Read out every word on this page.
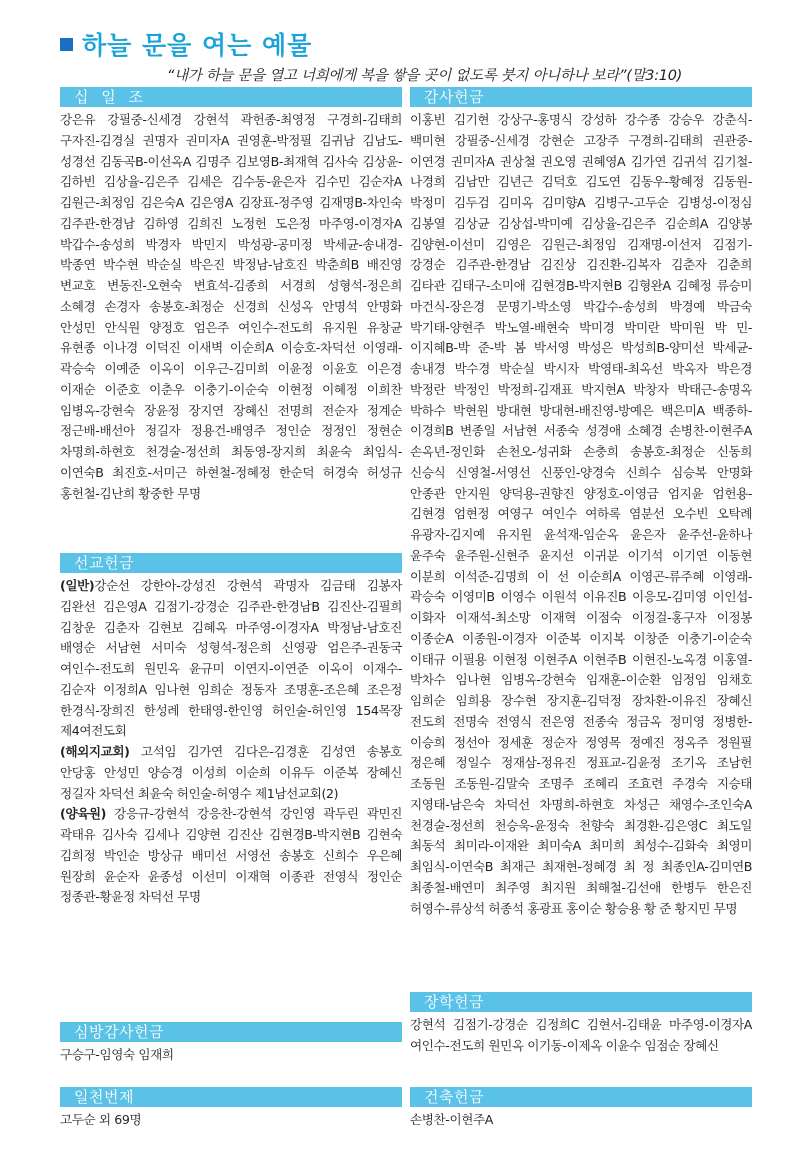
하늘 문을 여는 예물
“내가 하늘 문을 열고 너희에게 복을 쌓을 곳이 없도록 붓지 아니하나 보라”(말3:10)
십 일 조
강은유 강필중-신세경 강현석 곽헌종-최영정 구경희-김태희 구자진-김경실 권명자 권미자A 권영훈-박정필 김귀남 김남도-성경선 김동곡B-이선옥A 김명주 김보영B-최재혁 김사숙 김상윤-김하빈 김상율-김은주 김세은 김수동-윤은자 김수민 김순자A 김원근-최정임 김은숙A 김은영A 김장표-정주영 김재명B-차인숙 김주관-한경남 김하영 김희진 노정헌 도은정 마주영-이경자A 박갑수-송성희 박경자 박민지 박성광-공미정 박세균-송내경-박종연 박수현 박순실 박은진 박정남-남호진 박춘희B 배진영 변교호 변동진-오현숙 변효석-김종희 서경희 성형석-정은희 소혜경 손경자 송봉호-최정순 신경희 신성옥 안명석 안명화 안성민 안식원 양정호 엄은주 여인수-전도희 유지원 유창균 유현종 이나경 이덕진 이새벽 이순희A 이승호-차덕선 이영래-곽승숙 이예준 이옥이 이우근-김미희 이윤정 이윤호 이은경 이재순 이준호 이춘우 이충기-이순숙 이현정 이혜정 이희찬 임병옥-강현숙 장윤정 장지연 장혜신 전명희 전순자 정계순 정근배-배선아 정길자 정용건-배영주 정인순 정정인 정현순 차명희-하현호 천경술-정선희 최동영-장지희 최윤숙 최임식-이연숙B 최진호-서미근 하현철-정혜정 한순덕 허경숙 허성규 홍헌철-김난희 황중한 무명
선교헌금

(일반)강순선 강한아-강성진 강현석 곽명자 김금태 김봉자 김완선 김은영A 김점기-강경순 김주관-한경남B 김진산-김필희 김창운 김춘자 김현보 김혜옥 마주영-이경자A 박정남-남호진 배영순 서남현 서미숙 성형석-정은희 신영광 엄은주-권동국 여인수-전도희 원민옥 윤규미 이연지-이연준 이옥이 이재수-김순자 이정희A 임나현 임희순 정동자 조명훈-조은혜 조은정 한경식-장희진 한성례 한태영-한인영 허인술-허인영 154목장 제4여전도회

(해외지교회) 고석임 김가연 김다은-김경훈 김성연 송봉호 안당홍 안성민 양승경 이성희 이순희 이유두 이준복 장혜신 정길자 차덕선 최윤숙 허인술-허영수 제1남선교회(2)

(양육원) 강응규-강현석 강응찬-강현석 강인영 곽두린 곽민진 곽태유 김사숙 김세나 김양현 김진산 김현경B-박지현B 김현숙 김희정 박인순 방상규 배미선 서영선 송봉호 신희수 우은혜 원장희 윤순자 윤종성 이선미 이재혁 이종관 전영식 정인순 정종관-황윤정 차덕선 무명

심방감사헌금
구승구-임영숙 임재희
일천번제
고두순 외 69명
감사헌금
이홍빈 김기현 강상구-홍명식 강성하 강수종 강승우 강춘식-백미현 강필중-신세경 강현순 고장주 구경희-김태희 권관중-이연경 권미자A 권상철 권오영 권혜영A 김가연 김귀석 김기철-나경희 김남만 김년근 김덕호 김도연 김동우-황혜정 김동원-박정미 김두검 김미옥 김미향A 김병구-고두순 김병성-이정심 김봉열 김상균 김상섭-박미예 김상율-김은주 김순희A 김양봉 김양현-이선미 김영은 김원근-최정임 김재명-이선저 김점기-강경순 김주관-한경남 김진상 김진환-김복자 김춘자 김춘희 김타관 김태구-소미애 김현경B-박지현B 김형완A 김혜정 류승미 마건식-장은경 문명기-박소영 박갑수-송성희 박경예 박금숙 박기태-양현주 박노열-배현숙 박미경 박미란 박미원 박 민-이지혜B-박 준-박 봄 박서영 박성은 박성희B-양미선 박세균-송내경 박수경 박순실 박시자 박영태-최옥선 박옥자 박은경 박정란 박정인 박정희-김재표 박지현A 박창자 박태근-송명옥 박하수 박현원 방대현 방대현-배진영-방예은 백은미A 백종하-이경희B 변종일 서남현 서종숙 성경애 소혜경 손병찬-이현주A 손옥년-정인화 손천오-성귀화 손충희 송봉호-최정순 신동희 신승식 신영철-서영선 신풍인-양경숙 신희수 심승복 안명화 안종관 안지원 양덕용-권향진 양정호-이영금 엄지윤 엄헌용-김현경 엄현정 여영구 여인수 여하록 염분선 오수빈 오탁례 유광자-김지예 유지원 윤석재-임순옥 윤은자 윤주선-윤하나 윤주숙 윤주원-신현주 윤지선 이귀분 이기석 이기연 이동현 이분희 이석준-김명희 이 선 이순희A 이영곤-류주혜 이영래-곽승숙 이영미B 이영수 이원석 이유진B 이응모-김미영 이인섭-이화자 이재석-최소망 이재혁 이점숙 이정걸-홍구자 이정봉 이종순A 이종원-이경자 이준복 이지복 이창준 이충기-이순숙 이태규 이필용 이현정 이현주A 이현주B 이현진-노옥경 이홍열-박차수 임나현 임병옥-강현숙 임재훈-이순환 임정임 임채호 임희순 임희용 장수현 장지훈-김덕정 장차환-이유진 장혜신 전도희 전명숙 전영식 전은영 전종숙 정금옥 정미영 정병한-이승희 정선아 정세훈 정순자 정영목 정예진 정옥주 정원필 정은혜 정일수 정재삼-정유진 정표교-김윤정 조기옥 조남헌 조동원 조동원-김말숙 조명주 조혜리 조효련 주경숙 지승태 지영태-남은숙 차덕선 차명희-하현호 차성근 채영수-조인숙A 천경술-정선희 천승욱-윤정숙 천향숙 최경환-김은영C 최도일 최동석 최미라-이재완 최미숙A 최미희 최성수-김화숙 최영미 최임식-이연숙B 최재근 최재현-정혜경 최 정 최종인A-김미연B 최종철-배연미 최주영 최지원 최해철-김선애 한병두 한은진 허영수-류상석 허종석 홍광표 홍이순 황승용 황 준 황지민 무명
장학헌금
강현석 김점기-강경순 김정희C 김현서-김태윤 마주영-이경자A 여인수-전도희 원민옥 이기동-이제옥 이윤수 임점순 장혜신
건축헌금
손병찬-이현주A
